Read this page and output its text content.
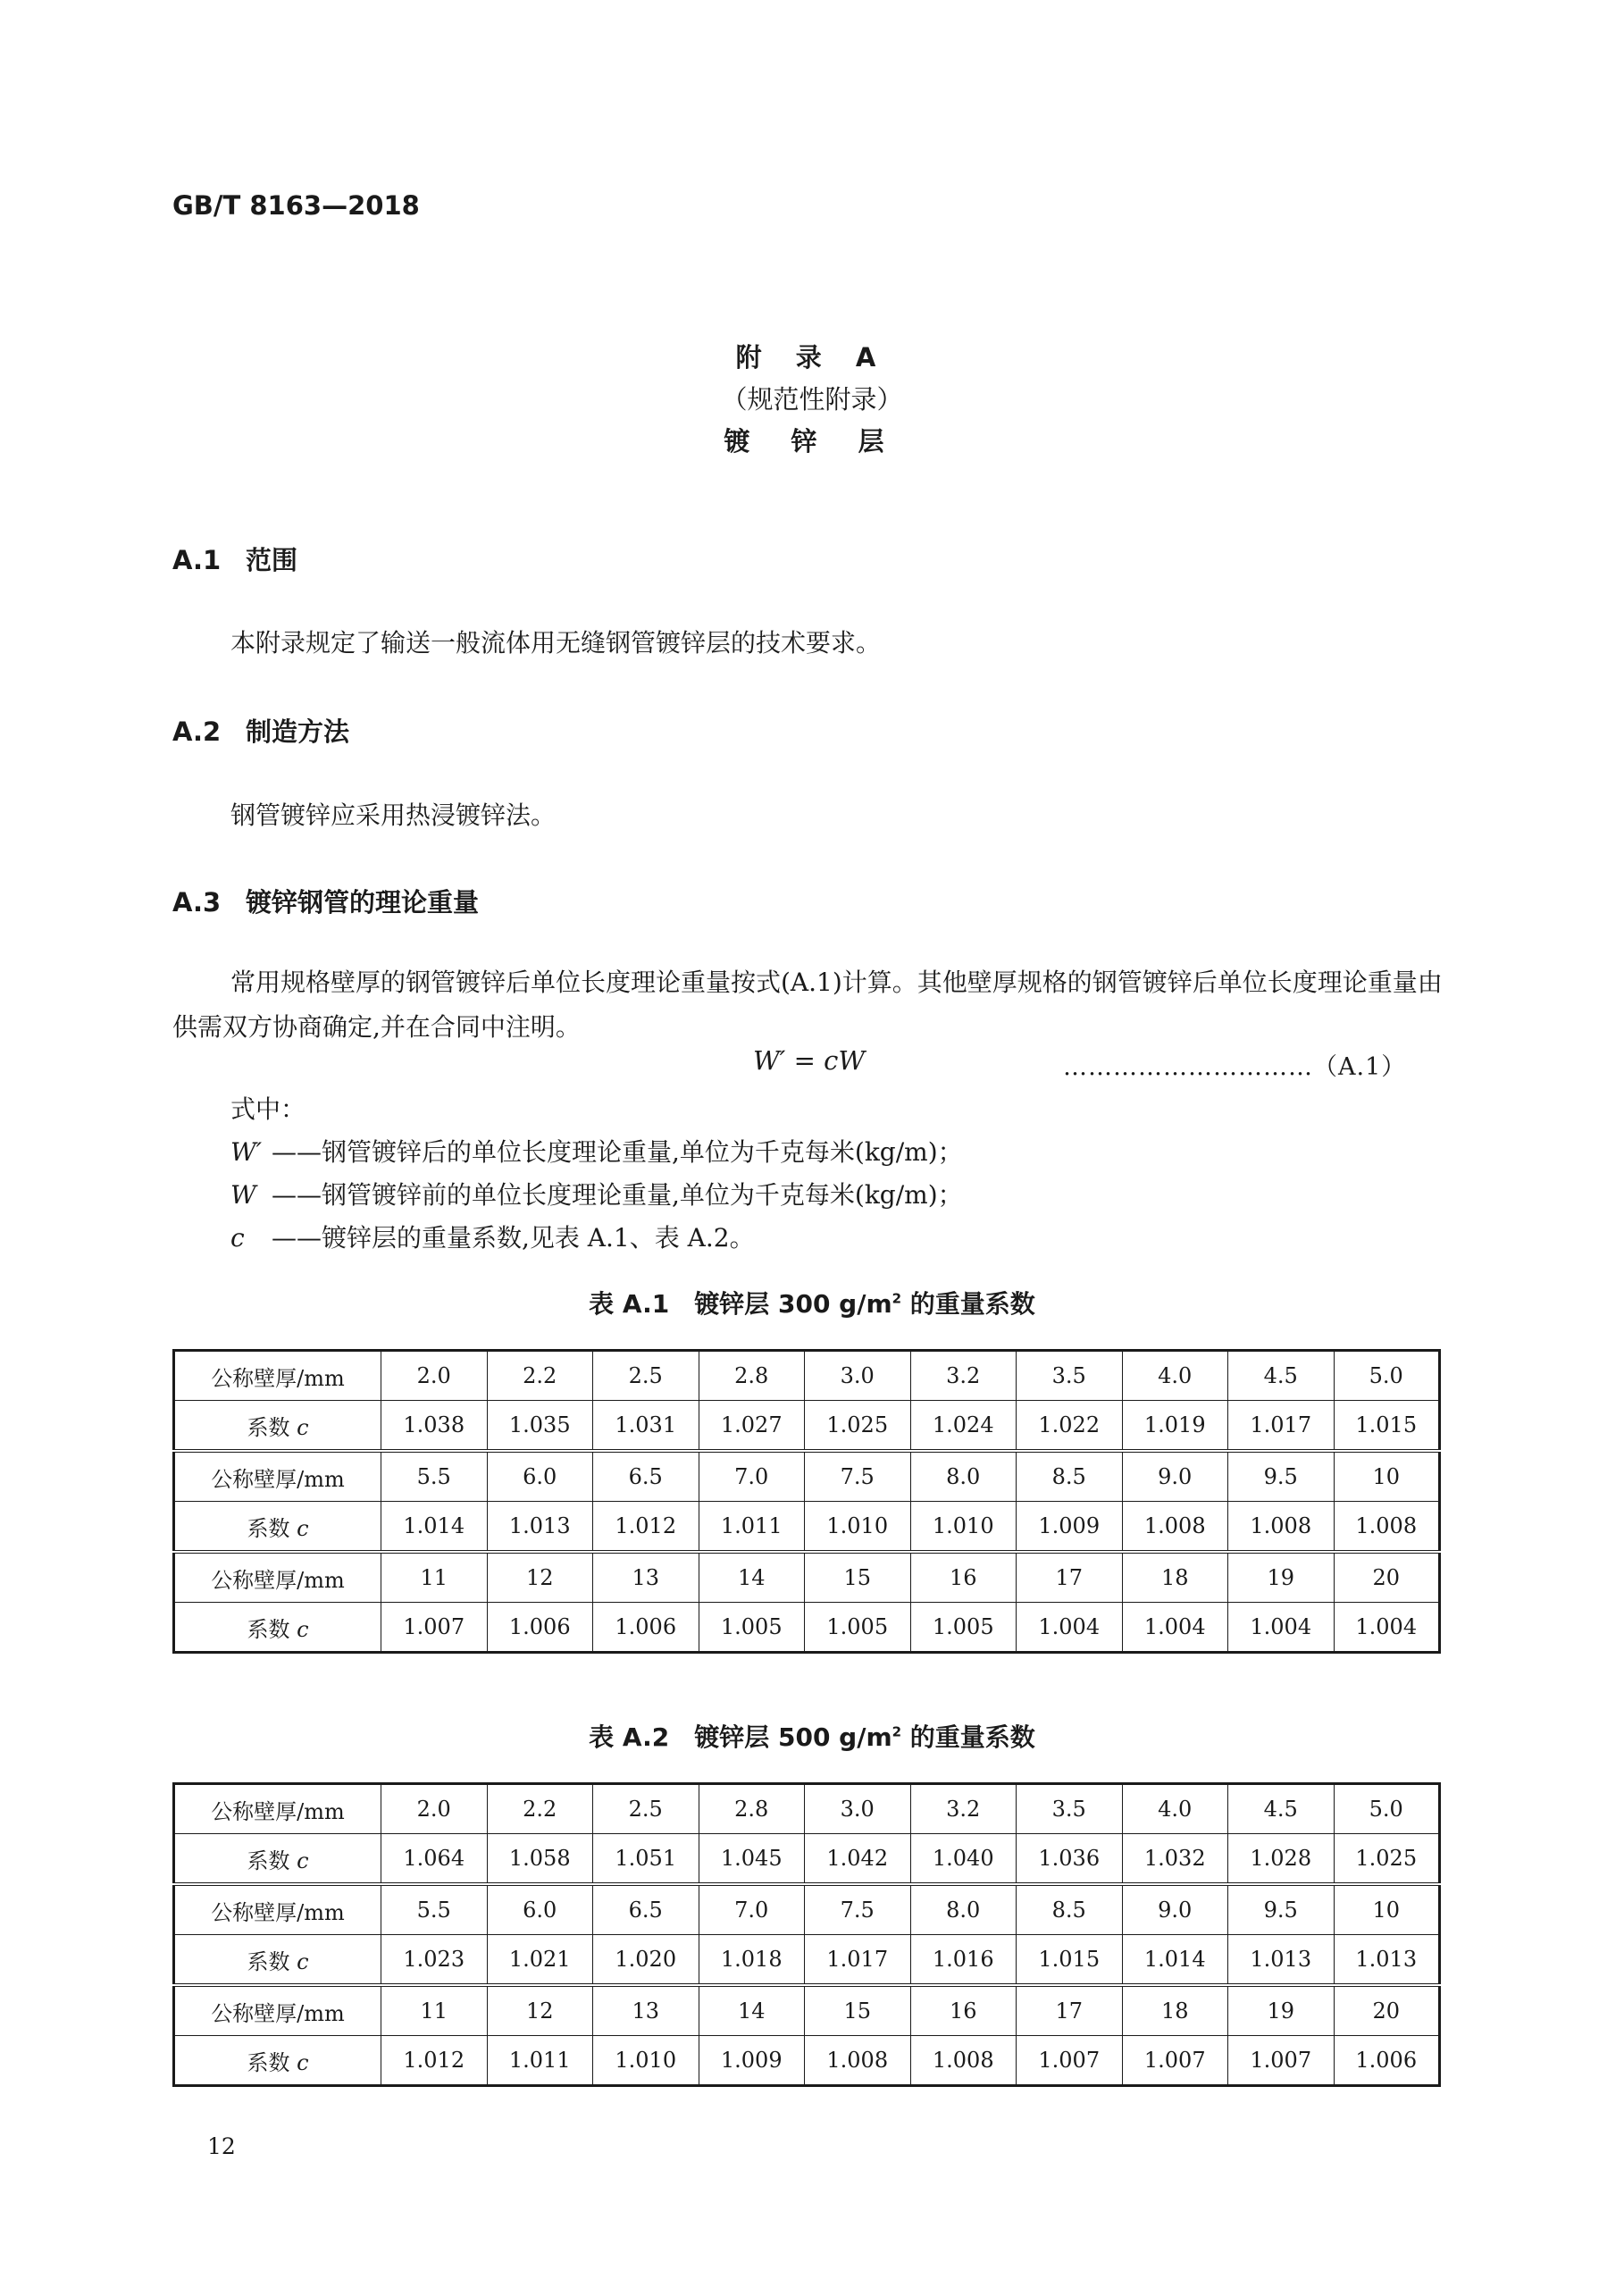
GB/T 8163—2018
附 录 A
（规范性附录）
镀 锌 层
A.1 范围
本附录规定了输送一般流体用无缝钢管镀锌层的技术要求。
A.2 制造方法
钢管镀锌应采用热浸镀锌法。
A.3 镀锌钢管的理论重量
常用规格壁厚的钢管镀锌后单位长度理论重量按式(A.1)计算。其他壁厚规格的钢管镀锌后单位长度理论重量由供需双方协商确定,并在合同中注明。
W′ = cW	…………………………（A.1）
式中：
W′ ——钢管镀锌后的单位长度理论重量,单位为千克每米(kg/m)；
W ——钢管镀锌前的单位长度理论重量,单位为千克每米(kg/m)；
c ——镀锌层的重量系数,见表 A.1、表 A.2。
表 A.1　镀锌层 300 $g/m^2$ 的重量系数
公称壁厚/mm	2.0	2.2	2.5	2.8	3.0	3.2	3.5	4.0	4.5	5.0
系数 c	1.038	1.035	1.031	1.027	1.025	1.024	1.022	1.019	1.017	1.015
公称壁厚/mm	5.5	6.0	6.5	7.0	7.5	8.0	8.5	9.0	9.5	10
系数 c	1.014	1.013	1.012	1.011	1.010	1.010	1.009	1.008	1.008	1.008
公称壁厚/mm	11	12	13	14	15	16	17	18	19	20
系数 c	1.007	1.006	1.006	1.005	1.005	1.005	1.004	1.004	1.004	1.004
表 A.2　镀锌层 500 $g/m^2$ 的重量系数
公称壁厚/mm	2.0	2.2	2.5	2.8	3.0	3.2	3.5	4.0	4.5	5.0
系数 c	1.064	1.058	1.051	1.045	1.042	1.040	1.036	1.032	1.028	1.025
公称壁厚/mm	5.5	6.0	6.5	7.0	7.5	8.0	8.5	9.0	9.5	10
系数 c	1.023	1.021	1.020	1.018	1.017	1.016	1.015	1.014	1.013	1.013
公称壁厚/mm	11	12	13	14	15	16	17	18	19	20
系数 c	1.012	1.011	1.010	1.009	1.008	1.008	1.007	1.007	1.007	1.006
12
